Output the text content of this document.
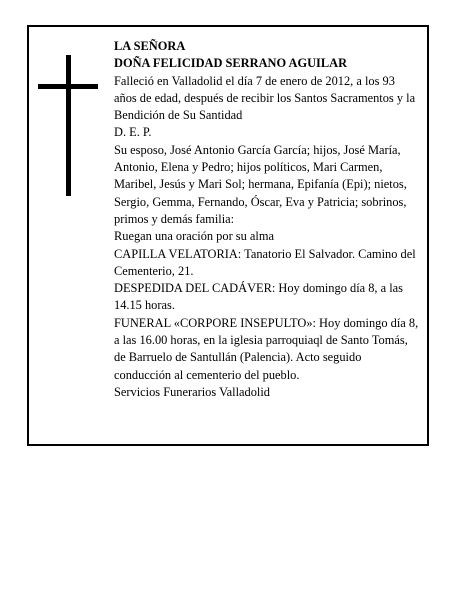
LA SEÑORA
DOÑA FELICIDAD SERRANO AGUILAR
Falleció en Valladolid el día 7 de enero de 2012, a los 93 años de edad, después de recibir los Santos Sacramentos y la Bendición de Su Santidad
D. E. P.
Su esposo, José Antonio García García; hijos, José María, Antonio, Elena y Pedro; hijos políticos, Mari Carmen, Maribel, Jesús y Mari Sol; hermana, Epifanía (Epi); nietos, Sergio, Gemma, Fernando, Óscar, Eva y Patricia; sobrinos, primos y demás familia:
Ruegan una oración por su alma
CAPILLA VELATORIA: Tanatorio El Salvador. Camino del Cementerio, 21.
DESPEDIDA DEL CADÁVER: Hoy domingo día 8, a las 14.15 horas.
FUNERAL «CORPORE INSEPULTO»: Hoy domingo día 8, a las 16.00 horas, en la iglesia parroquiaql de Santo Tomás, de Barruelo de Santullán (Palencia). Acto seguido conducción al cementerio del pueblo.
Servicios Funerarios Valladolid
